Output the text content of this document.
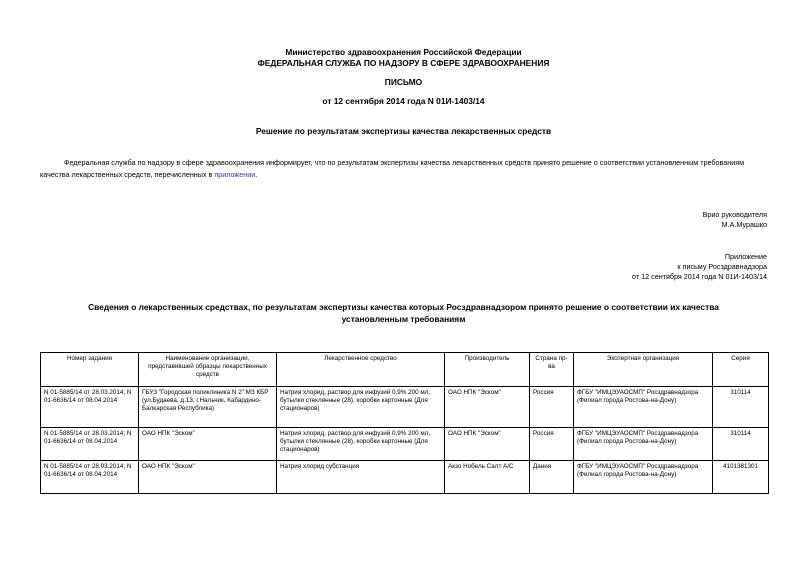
Министерство здравоохранения Российской Федерации
ФЕДЕРАЛЬНАЯ СЛУЖБА ПО НАДЗОРУ В СФЕРЕ ЗДРАВООХРАНЕНИЯ
ПИСЬМО
от 12 сентября 2014 года N 01И-1403/14
Решение по результатам экспертизы качества лекарственных средств
Федеральная служба по надзору в сфере здравоохранения информирует, что по результатам экспертизы качества лекарственных средств принято решение о соответствии установленным требованиям качества лекарственных средств, перечисленных в приложении.
Врио руководителя
М.А.Мурашко
Приложение
к письму Росздравнадзора
от 12 сентября 2014 года N 01И-1403/14
Сведения о лекарственных средствах, по результатам экспертизы качества которых Росздравнадзором принято решение о соответствии их качества установленным требованиям
Номер задания	Наименование организации, представившей образцы лекарственных средств	Лекарственное средство	Производитель	Страна пр-ва	Экспертная организация	Серия
N 01-5885/14 от 28.03.2014; N 01-6636/14 от 08.04.2014	ГБУЗ "Городская поликлиника N 2" МЗ КБР (ул.Будаева, д.13, г.Нальчик, Кабардино-Балкарская Республика)	Натрия хлорид, раствор для инфузий 0,9% 200 мл, бутылки стеклянные (28), коробки картонные (Для стационаров)	ОАО НПК "Эском"	Россия	ФГБУ "ИМЦЭУАОСМП" Росздравнадзора (Филиал города Ростова-на-Дону)	310114
N 01-5885/14 от 28.03.2014; N 01-6636/14 от 08.04.2014	ОАО НПК "Эском"	Натрия хлорид, раствор для инфузий 0,9% 200 мл, бутылки стеклянные (28), коробки картонные (Для стационаров)	ОАО НПК "Эском"	Россия	ФГБУ "ИМЦЭУАОСМП" Росздравнадзора (Филиал города Ростова-на-Дону)	310114
N 01-5885/14 от 28.03.2014; N 01-6636/14 от 08.04.2014	ОАО НПК "Эском"	Натрия хлорид субстанция	Акзо Нобель Салт А/С	Дания	ФГБУ "ИМЦЭУАОСМП" Росздравнадзора (Филиал города Ростова-на-Дону)	4101381301
